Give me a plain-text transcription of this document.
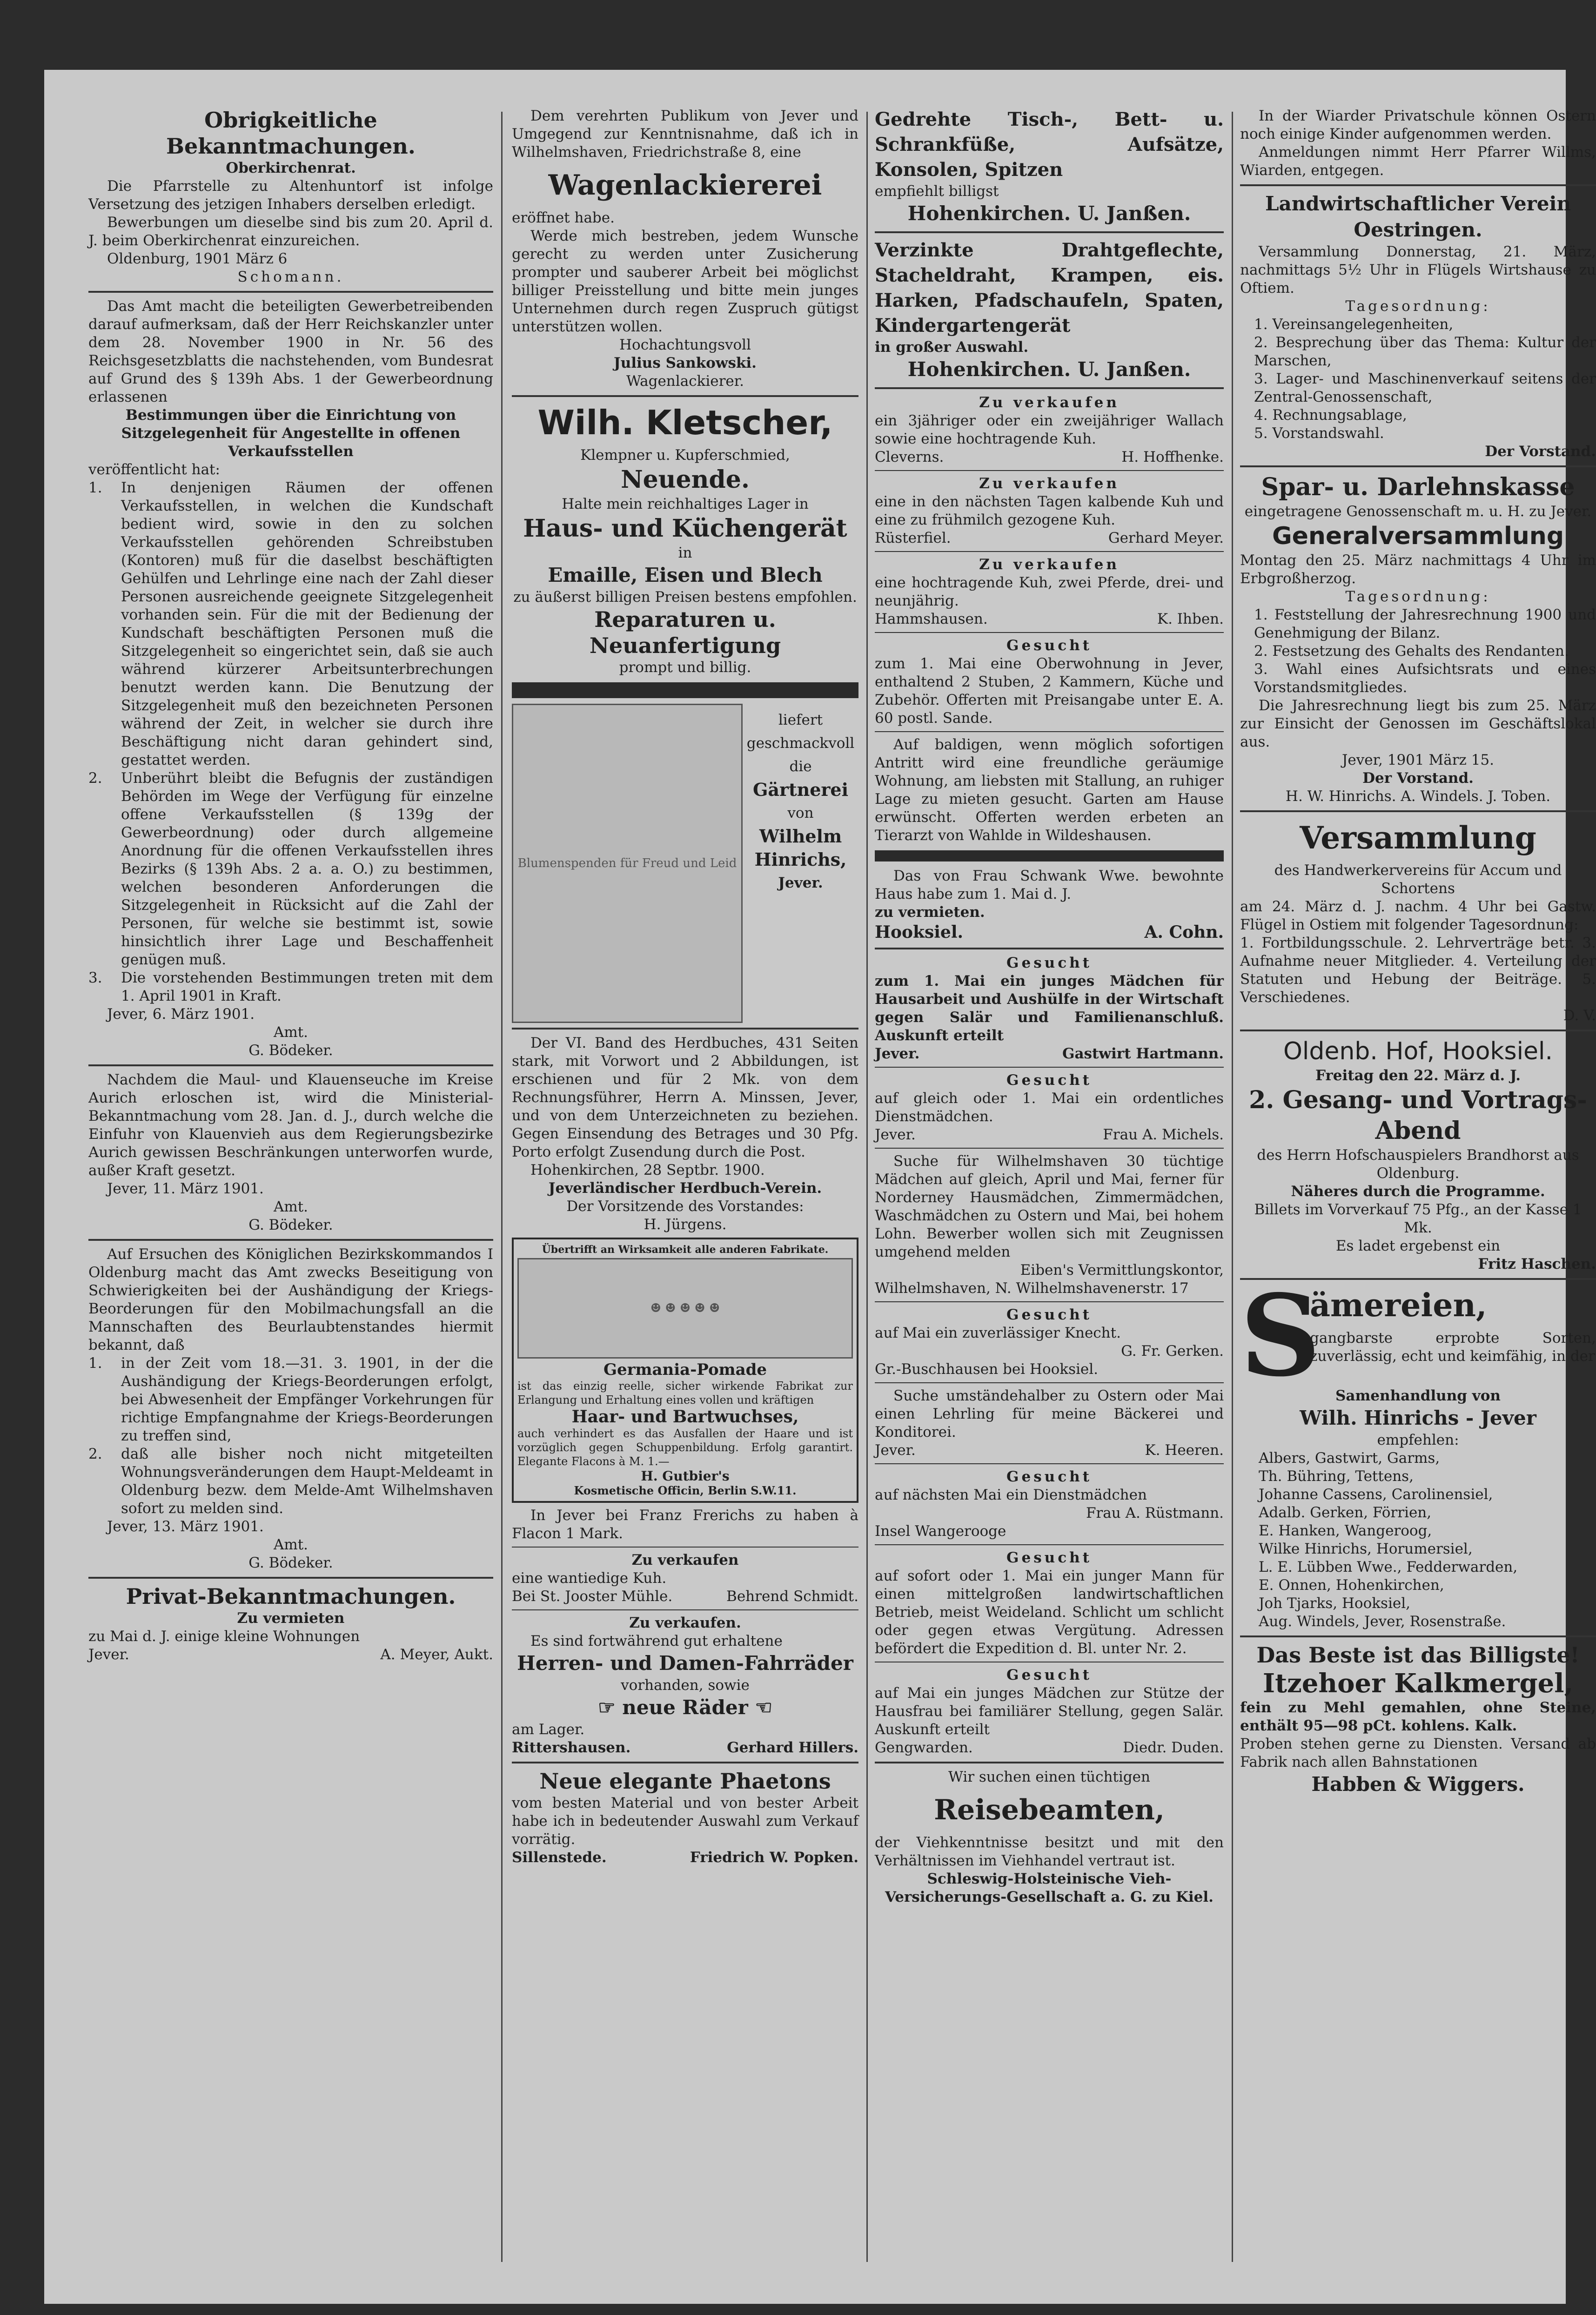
Obrigkeitliche Bekanntmachungen.
Oberkirchenrat.
Die Pfarrstelle zu Altenhuntorf ist infolge Versetzung des jetzigen Inhabers derselben erledigt.
Bewerbungen um dieselbe sind bis zum 20. April d. J. beim Oberkirchenrat einzureichen.
Oldenburg, 1901 März 6
Schomann.
Das Amt macht die beteiligten Gewerbetreibenden darauf aufmerksam, daß der Herr Reichskanzler unter dem 28. November 1900 in Nr. 56 des Reichsgesetzblatts die nachstehenden, vom Bundesrat auf Grund des § 139h Abs. 1 der Gewerbeordnung erlassenen
Bestimmungen über die Einrichtung von Sitzgelegenheit für Angestellte in offenen Verkaufsstellen
veröffentlicht hat:
1.	In denjenigen Räumen der offenen Verkaufsstellen, in welchen die Kundschaft bedient wird, sowie in den zu solchen Verkaufsstellen gehörenden Schreibstuben (Kontoren) muß für die daselbst beschäftigten Gehülfen und Lehrlinge eine nach der Zahl dieser Personen ausreichende geeignete Sitzgelegenheit vorhanden sein. Für die mit der Bedienung der Kundschaft beschäftigten Personen muß die Sitzgelegenheit so eingerichtet sein, daß sie auch während kürzerer Arbeitsunterbrechungen benutzt werden kann. Die Benutzung der Sitzgelegenheit muß den bezeichneten Personen während der Zeit, in welcher sie durch ihre Beschäftigung nicht daran gehindert sind, gestattet werden.
2.	Unberührt bleibt die Befugnis der zuständigen Behörden im Wege der Verfügung für einzelne offene Verkaufsstellen (§ 139g der Gewerbeordnung) oder durch allgemeine Anordnung für die offenen Verkaufsstellen ihres Bezirks (§ 139h Abs. 2 a. a. O.) zu bestimmen, welchen besonderen Anforderungen die Sitzgelegenheit in Rücksicht auf die Zahl der Personen, für welche sie bestimmt ist, sowie hinsichtlich ihrer Lage und Beschaffenheit genügen muß.
3.	Die vorstehenden Bestimmungen treten mit dem 1. April 1901 in Kraft.
Jever, 6. März 1901.
Amt.
G. Bödeker.
Nachdem die Maul- und Klauenseuche im Kreise Aurich erloschen ist, wird die Ministerial-Bekanntmachung vom 28. Jan. d. J., durch welche die Einfuhr von Klauenvieh aus dem Regierungsbezirke Aurich gewissen Beschränkungen unterworfen wurde, außer Kraft gesetzt.
Jever, 11. März 1901.
Amt.
G. Bödeker.
Auf Ersuchen des Königlichen Bezirkskommandos I Oldenburg macht das Amt zwecks Beseitigung von Schwierigkeiten bei der Aushändigung der Kriegs-Beorderungen für den Mobilmachungsfall an die Mannschaften des Beurlaubtenstandes hiermit bekannt, daß
1.	in der Zeit vom 18.—31. 3. 1901, in der die Aushändigung der Kriegs-Beorderungen erfolgt, bei Abwesenheit der Empfänger Vorkehrungen für richtige Empfangnahme der Kriegs-Beorderungen zu treffen sind,
2.	daß alle bisher noch nicht mitgeteilten Wohnungsveränderungen dem Haupt-Meldeamt in Oldenburg bezw. dem Melde-Amt Wilhelmshaven sofort zu melden sind.
Jever, 13. März 1901.
Amt.
G. Bödeker.
Privat-Bekanntmachungen.
Zu vermieten
zu Mai d. J. einige kleine Wohnungen
Jever.	A. Meyer, Aukt.
Dem verehrten Publikum von Jever und Umgegend zur Kenntnisnahme, daß ich in Wilhelmshaven, Friedrichstraße 8, eine
Wagenlackiererei
eröffnet habe.
Werde mich bestreben, jedem Wunsche gerecht zu werden unter Zusicherung prompter und sauberer Arbeit bei möglichst billiger Preisstellung und bitte mein junges Unternehmen durch regen Zuspruch gütigst unterstützen wollen.
Hochachtungsvoll
Julius Sankowski.
Wagenlackierer.
Wilh. Kletscher,
Klempner u. Kupferschmied,
Neuende.
Halte mein reichhaltiges Lager in
Haus- und Küchengerät
in
Emaille, Eisen und Blech
zu äußerst billigen Preisen bestens empfohlen.
Reparaturen u. Neuanfertigung
prompt und billig.
Blumenspenden für Freud und Leid
liefert geschmackvoll
die
Gärtnerei
von
Wilhelm Hinrichs,
Jever.
Der VI. Band des Herdbuches, 431 Seiten stark, mit Vorwort und 2 Abbildungen, ist erschienen und für 2 Mk. von dem Rechnungsführer, Herrn A. Minssen, Jever, und von dem Unterzeichneten zu beziehen. Gegen Einsendung des Betrages und 30 Pfg. Porto erfolgt Zusendung durch die Post.
Hohenkirchen, 28 Septbr. 1900.
Jeverländischer Herdbuch-Verein.
Der Vorsitzende des Vorstandes:
H. Jürgens.
Übertrifft an Wirksamkeit alle anderen Fabrikate.
☻ ☻ ☻ ☻ ☻
Germania-Pomade
ist das einzig reelle, sicher wirkende Fabrikat zur Erlangung und Erhaltung eines vollen und kräftigen
Haar- und Bartwuchses,
auch verhindert es das Ausfallen der Haare und ist vorzüglich gegen Schuppenbildung. Erfolg garantirt. Elegante Flacons à M. 1.—
H. Gutbier's
Kosmetische Officin, Berlin S.W.11.
In Jever bei Franz Frerichs zu haben à Flacon 1 Mark.
Zu verkaufen
eine wantiedige Kuh.
Bei St. Jooster Mühle.	Behrend Schmidt.
Zu verkaufen.
Es sind fortwährend gut erhaltene
Herren- und Damen-Fahrräder
vorhanden, sowie
☞ neue Räder ☜
am Lager.
Rittershausen.	Gerhard Hillers.
Neue elegante Phaetons
vom besten Material und von bester Arbeit habe ich in bedeutender Auswahl zum Verkauf vorrätig.
Sillenstede.	Friedrich W. Popken.
Gedrehte Tisch-, Bett- u. Schrankfüße, Aufsätze, Konsolen, Spitzen
empfiehlt billigst
Hohenkirchen. U. Janßen.
Verzinkte Drahtgeflechte, Stacheldraht, Krampen, eis. Harken, Pfadschaufeln, Spaten, Kindergartengerät
in großer Auswahl.
Hohenkirchen. U. Janßen.
Zu verkaufen
ein 3jähriger oder ein zweijähriger Wallach sowie eine hochtragende Kuh.
Cleverns.	H. Hoffhenke.
Zu verkaufen
eine in den nächsten Tagen kalbende Kuh und eine zu frühmilch gezogene Kuh.
Rüsterfiel.	Gerhard Meyer.
Zu verkaufen
eine hochtragende Kuh, zwei Pferde, drei- und neunjährig.
Hammshausen.	K. Ihben.
Gesucht
zum 1. Mai eine Oberwohnung in Jever, enthaltend 2 Stuben, 2 Kammern, Küche und Zubehör. Offerten mit Preisangabe unter E. A. 60 postl. Sande.
Auf baldigen, wenn möglich sofortigen Antritt wird eine freundliche geräumige Wohnung, am liebsten mit Stallung, an ruhiger Lage zu mieten gesucht. Garten am Hause erwünscht. Offerten werden erbeten an Tierarzt von Wahlde in Wildeshausen.
Das von Frau Schwank Wwe. bewohnte Haus habe zum 1. Mai d. J.
zu vermieten.
Hooksiel.	A. Cohn.
Gesucht
zum 1. Mai ein junges Mädchen für Hausarbeit und Aushülfe in der Wirtschaft gegen Salär und Familienanschluß. Auskunft erteilt
Jever.	Gastwirt Hartmann.
Gesucht
auf gleich oder 1. Mai ein ordentliches Dienstmädchen.
Jever.	Frau A. Michels.
Suche für Wilhelmshaven 30 tüchtige Mädchen auf gleich, April und Mai, ferner für Norderney Hausmädchen, Zimmermädchen, Waschmädchen zu Ostern und Mai, bei hohem Lohn. Bewerber wollen sich mit Zeugnissen umgehend melden
Eiben's Vermittlungskontor,
Wilhelmshaven, N. Wilhelmshavenerstr. 17
Gesucht
auf Mai ein zuverlässiger Knecht.
G. Fr. Gerken.
Gr.-Buschhausen bei Hooksiel.
Suche umständehalber zu Ostern oder Mai einen Lehrling für meine Bäckerei und Konditorei.
Jever.	K. Heeren.
Gesucht
auf nächsten Mai ein Dienstmädchen
Frau A. Rüstmann.
Insel Wangerooge
Gesucht
auf sofort oder 1. Mai ein junger Mann für einen mittelgroßen landwirtschaftlichen Betrieb, meist Weideland. Schlicht um schlicht oder gegen etwas Vergütung. Adressen befördert die Expedition d. Bl. unter Nr. 2.
Gesucht
auf Mai ein junges Mädchen zur Stütze der Hausfrau bei familiärer Stellung, gegen Salär. Auskunft erteilt
Gengwarden.	Diedr. Duden.
Wir suchen einen tüchtigen
Reisebeamten,
der Viehkenntnisse besitzt und mit den Verhältnissen im Viehhandel vertraut ist.
Schleswig-Holsteinische Vieh-Versicherungs-Gesellschaft a. G. zu Kiel.
In der Wiarder Privatschule können Ostern noch einige Kinder aufgenommen werden.
Anmeldungen nimmt Herr Pfarrer Willms, Wiarden, entgegen.
Landwirtschaftlicher Verein Oestringen.
Versammlung Donnerstag, 21. März, nachmittags 5½ Uhr in Flügels Wirtshause zu Oftiem.
Tagesordnung:
1. Vereinsangelegenheiten,
2. Besprechung über das Thema: Kultur der Marschen,
3. Lager- und Maschinenverkauf seitens der Zentral-Genossenschaft,
4. Rechnungsablage,
5. Vorstandswahl.
Der Vorstand.
Spar- u. Darlehnskasse
eingetragene Genossenschaft m. u. H. zu Jever.
Generalversammlung
Montag den 25. März nachmittags 4 Uhr im Erbgroßherzog.
Tagesordnung:
1. Feststellung der Jahresrechnung 1900 und Genehmigung der Bilanz.
2. Festsetzung des Gehalts des Rendanten.
3. Wahl eines Aufsichtsrats und eines Vorstandsmitgliedes.
Die Jahresrechnung liegt bis zum 25. März zur Einsicht der Genossen im Geschäftslokal aus.
Jever, 1901 März 15.
Der Vorstand.
H. W. Hinrichs. A. Windels. J. Toben.
Versammlung
des Handwerkervereins für Accum und Schortens
am 24. März d. J. nachm. 4 Uhr bei Gastw. Flügel in Ostiem mit folgender Tagesordnung:
1. Fortbildungsschule. 2. Lehrverträge betr. 3. Aufnahme neuer Mitglieder. 4. Verteilung der Statuten und Hebung der Beiträge. 5. Verschiedenes.
D. V.
Oldenb. Hof, Hooksiel.
Freitag den 22. März d. J.
2. Gesang- und Vortrags-Abend
des Herrn Hofschauspielers Brandhorst aus Oldenburg.
Näheres durch die Programme.
Billets im Vorverkauf 75 Pfg., an der Kasse 1 Mk.
Es ladet ergebenst ein
Fritz Haschen.
S
ämereien,
gangbarste erprobte Sorten, zuverlässig, echt und keimfähig, in der
Samenhandlung von
Wilh. Hinrichs - Jever
empfehlen:
Albers, Gastwirt, Garms,
Th. Bühring, Tettens,
Johanne Cassens, Carolinensiel,
Adalb. Gerken, Förrien,
E. Hanken, Wangeroog,
Wilke Hinrichs, Horumersiel,
L. E. Lübben Wwe., Fedderwarden,
E. Onnen, Hohenkirchen,
Joh Tjarks, Hooksiel,
Aug. Windels, Jever, Rosenstraße.
Das Beste ist das Billigste!
Itzehoer Kalkmergel,
fein zu Mehl gemahlen, ohne Steine, enthält 95—98 pCt. kohlens. Kalk.
Proben stehen gerne zu Diensten. Versand ab Fabrik nach allen Bahnstationen
Habben & Wiggers.
